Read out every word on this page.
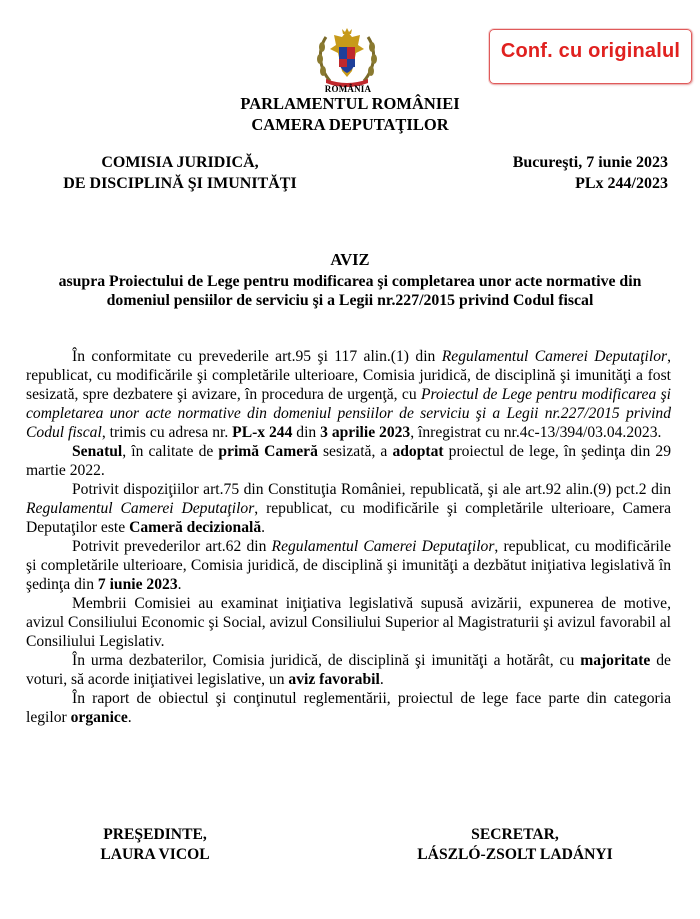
ROMÂNIA
Conf. cu originalul
PARLAMENTUL ROMÂNIEI
CAMERA DEPUTAŢILOR
COMISIA JURIDICĂ,
DE DISCIPLINĂ ŞI IMUNITĂŢI
Bucureşti, 7 iunie 2023
PLx 244/2023
AVIZ
asupra Proiectului de Lege pentru modificarea şi completarea unor acte normative din
domeniul pensiilor de serviciu şi a Legii nr.227/2015 privind Codul fiscal

În conformitate cu prevederile art.95 şi 117 alin.(1) din Regulamentul Camerei Deputaţilor, republicat, cu modificările şi completările ulterioare, Comisia juridică, de disciplină şi imunităţi a fost sesizată, spre dezbatere şi avizare, în procedura de urgenţă, cu Proiectul de Lege pentru modificarea şi completarea unor acte normative din domeniul pensiilor de serviciu şi a Legii nr.227/2015 privind Codul fiscal, trimis cu adresa nr. PL-x 244 din 3 aprilie 2023, înregistrat cu nr.4c-13/394/03.04.2023.

Senatul, în calitate de primă Cameră sesizată, a adoptat proiectul de lege, în şedinţa din 29 martie 2022.

Potrivit dispoziţiilor art.75 din Constituţia României, republicată, şi ale art.92 alin.(9) pct.2 din Regulamentul Camerei Deputaţilor, republicat, cu modificările şi completările ulterioare, Camera Deputaţilor este Cameră decizională.

Potrivit prevederilor art.62 din Regulamentul Camerei Deputaţilor, republicat, cu modificările şi completările ulterioare, Comisia juridică, de disciplină şi imunităţi a dezbătut iniţiativa legislativă în şedinţa din 7 iunie 2023.

Membrii Comisiei au examinat iniţiativa legislativă supusă avizării, expunerea de motive, avizul Consiliului Economic şi Social, avizul Consiliului Superior al Magistraturii şi avizul favorabil al Consiliului Legislativ.

În urma dezbaterilor, Comisia juridică, de disciplină şi imunităţi a hotărât, cu majoritate de voturi, să acorde iniţiativei legislative, un aviz favorabil.

În raport de obiectul şi conţinutul reglementării, proiectul de lege face parte din categoria legilor organice.

PREŞEDINTE,
LAURA VICOL
SECRETAR,
LÁSZLÓ-ZSOLT LADÁNYI
